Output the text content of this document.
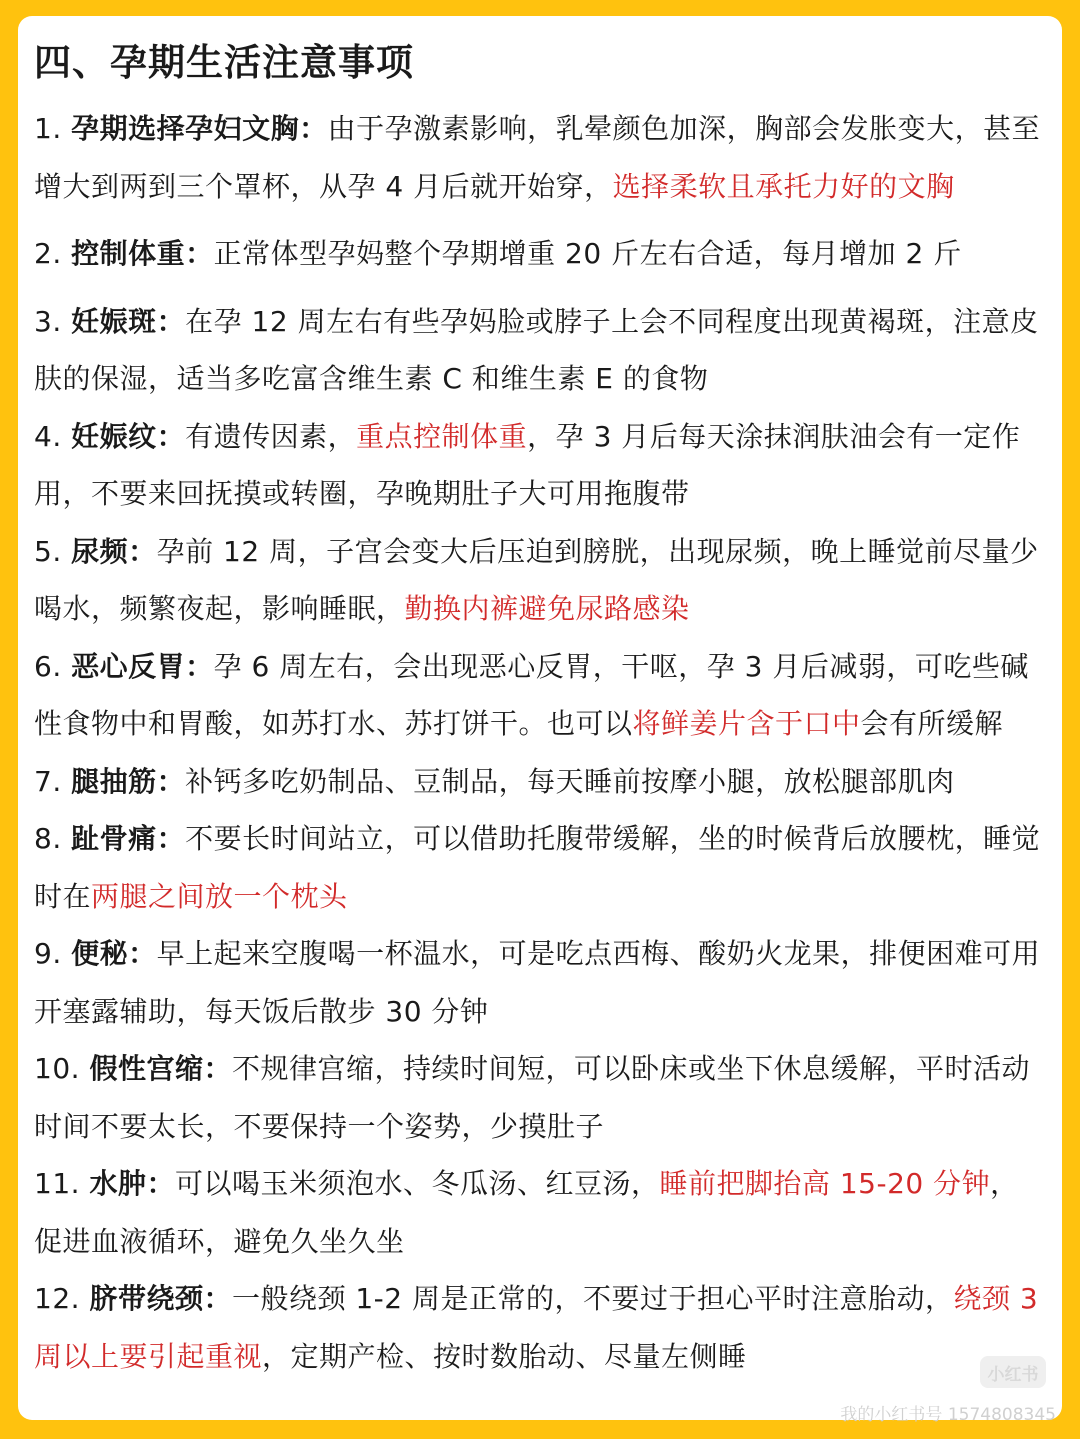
四、孕期生活注意事项

1. 孕期选择孕妇文胸：由于孕激素影响，乳晕颜色加深，胸部会发胀变大，甚至增大到两到三个罩杯，从孕 4 月后就开始穿，选择柔软且承托力好的文胸

2. 控制体重：正常体型孕妈整个孕期增重 20 斤左右合适，每月增加 2 斤

3. 妊娠斑：在孕 12 周左右有些孕妈脸或脖子上会不同程度出现黄褐斑，注意皮肤的保湿，适当多吃富含维生素 C 和维生素 E 的食物

4. 妊娠纹：有遗传因素，重点控制体重，孕 3 月后每天涂抹润肤油会有一定作用，不要来回抚摸或转圈，孕晚期肚子大可用拖腹带

5. 尿频：孕前 12 周，子宫会变大后压迫到膀胱，出现尿频，晚上睡觉前尽量少喝水，频繁夜起，影响睡眠，勤换内裤避免尿路感染

6. 恶心反胃：孕 6 周左右，会出现恶心反胃，干呕，孕 3 月后减弱，可吃些碱性食物中和胃酸，如苏打水、苏打饼干。也可以将鲜姜片含于口中会有所缓解

7. 腿抽筋：补钙多吃奶制品、豆制品，每天睡前按摩小腿，放松腿部肌肉

8. 趾骨痛：不要长时间站立，可以借助托腹带缓解，坐的时候背后放腰枕，睡觉时在两腿之间放一个枕头

9. 便秘：早上起来空腹喝一杯温水，可是吃点西梅、酸奶火龙果，排便困难可用开塞露辅助，每天饭后散步 30 分钟

10. 假性宫缩：不规律宫缩，持续时间短，可以卧床或坐下休息缓解，平时活动时间不要太长，不要保持一个姿势，少摸肚子

11. 水肿：可以喝玉米须泡水、冬瓜汤、红豆汤，睡前把脚抬高 15-20 分钟，促进血液循环，避免久坐久坐

12. 脐带绕颈：一般绕颈 1-2 周是正常的，不要过于担心平时注意胎动，绕颈 3 周以上要引起重视，定期产检、按时数胎动、尽量左侧睡

小红书
我的小红书号 1574808345
